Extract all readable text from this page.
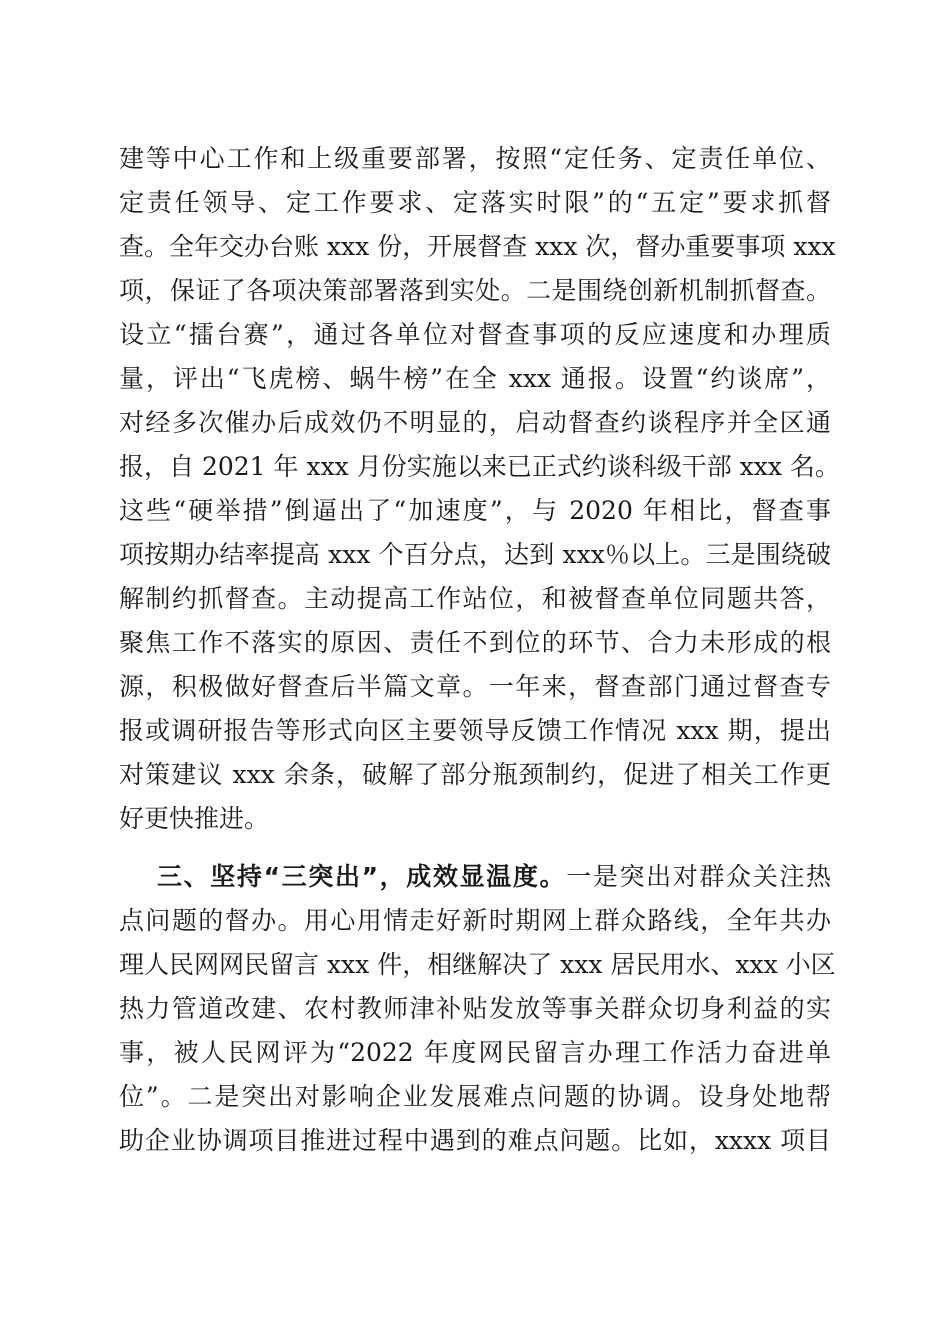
建等中心工作和上级重要部署，按照“定任务、定责任单位、
定责任领导、定工作要求、定落实时限”的“五定”要求抓督
查。全年交办台账 xxx 份，开展督查 xxx 次，督办重要事项 xxx
项，保证了各项决策部署落到实处。二是围绕创新机制抓督查。
设立“擂台赛”，通过各单位对督查事项的反应速度和办理质
量，评出“飞虎榜、蜗牛榜”在全 xxx 通报。设置“约谈席”，
对经多次催办后成效仍不明显的，启动督查约谈程序并全区通
报，自 2021 年 xxx 月份实施以来已正式约谈科级干部 xxx 名。
这些“硬举措”倒逼出了“加速度”，与 2020 年相比，督查事
项按期办结率提高 xxx 个百分点，达到 xxx％以上。三是围绕破
解制约抓督查。主动提高工作站位，和被督查单位同题共答，
聚焦工作不落实的原因、责任不到位的环节、合力未形成的根
源，积极做好督查后半篇文章。一年来，督查部门通过督查专
报或调研报告等形式向区主要领导反馈工作情况 xxx 期，提出
对策建议 xxx 余条，破解了部分瓶颈制约，促进了相关工作更
好更快推进。
三、坚持“三突出”，成效显温度。一是突出对群众关注热
点问题的督办。用心用情走好新时期网上群众路线，全年共办
理人民网网民留言 xxx 件，相继解决了 xxx 居民用水、xxx 小区
热力管道改建、农村教师津补贴发放等事关群众切身利益的实
事，被人民网评为“2022 年度网民留言办理工作活力奋进单
位”。二是突出对影响企业发展难点问题的协调。设身处地帮
助企业协调项目推进过程中遇到的难点问题。比如，xxxx 项目
